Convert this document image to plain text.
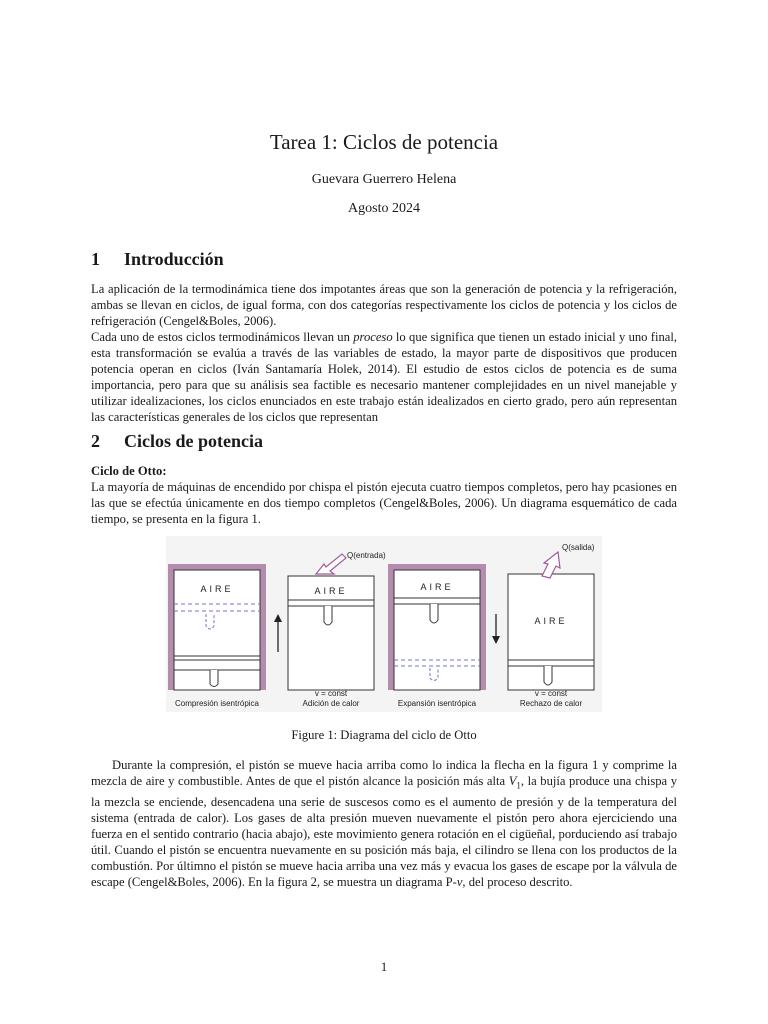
Tarea 1: Ciclos de potencia
Guevara Guerrero Helena
Agosto 2024
1 Introducción

La aplicación de la termodinámica tiene dos impotantes áreas que son la generación de potencia y la refrigeración, ambas se llevan en ciclos, de igual forma, con dos categorías respectivamente los ciclos de potencia y los ciclos de refrigeración (Cengel&Boles, 2006).

Cada uno de estos ciclos termodinámicos llevan un proceso lo que significa que tienen un estado inicial y uno final, esta transformación se evalúa a través de las variables de estado, la mayor parte de dispositivos que producen potencia operan en ciclos (Iván Santamaría Holek, 2014). El estudio de estos ciclos de potencia es de suma importancia, pero para que su análisis sea factible es necesario mantener complejidades en un nivel manejable y utilizar idealizaciones, los ciclos enunciados en este trabajo están idealizados en cierto grado, pero aún representan las características generales de los ciclos que representan

2 Ciclos de potencia

Ciclo de Otto:

La mayoría de máquinas de encendido por chispa el pistón ejecuta cuatro tiempos completos, pero hay pcasiones en las que se efectúa únicamente en dos tiempo completos (Cengel&Boles, 2006). Un diagrama esquemático de cada tiempo, se presenta en la figura 1.

AIRE
Compresión isentrópica
AIRE
Q(entrada)
v = const
Adición de calor
AIRE
Expansión isentrópica
AIRE
Q(salida)
v = const
Rechazo de calor
Figure 1: Diagrama del ciclo de Otto

Durante la compresión, el pistón se mueve hacia arriba como lo indica la flecha en la figura 1 y comprime la mezcla de aire y combustible. Antes de que el pistón alcance la posición más alta $V_1$, la bujía produce una chispa y la mezcla se enciende, desencadena una serie de suscesos como es el aumento de presión y de la temperatura del sistema (entrada de calor). Los gases de alta presión mueven nuevamente el pistón pero ahora ejerciciendo una fuerza en el sentido contrario (hacia abajo), este movimiento genera rotación en el cigüeñal, porduciendo así trabajo útil. Cuando el pistón se encuentra nuevamente en su posición más baja, el cilindro se llena con los productos de la combustión. Por últimno el pistón se mueve hacia arriba una vez más y evacua los gases de escape por la válvula de escape (Cengel&Boles, 2006). En la figura 2, se muestra un diagrama P-v, del proceso descrito.

1
